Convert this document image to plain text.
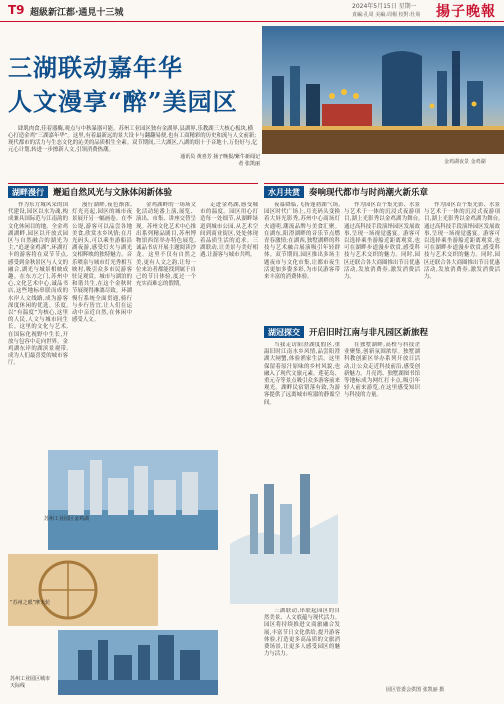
T9 超級新江都·通見十三城
2024年5月15日 星期一
責編:孔周 美編:周楊 校對:杜飛 揚子晚報
三湖联动嘉年华
人文漫享“醉”美园区
肆肌肉食,佳着器酶,观点与中秋暴器可能。苏州工业园区独有金湖界,县湖界,乐教湖三大核心板块,横心打造金鸡“三湖嘉年华”。这里,有着最新远的景大设卡与翻翻易便,也有工商精彩的历史和流与人文前新;现代都市的活力与生态文化的沁美的品质相生全素。双节期间,三大湖区,八湖的组十于音地十,万份好与,亿元心计划,转进一步擦新人文,引领消费热潮。
通讯员 黄喜芳 扬子晚报/紫牛新闻记者 张凯丽	金鸡湖夜景 金鸡湖
湖畔漫行	邂逅自然风光与文脉体闲新体验

作为东方城风采的国代建设,园区以水为魂,构成兼具国际范与江南韵的文化休闲目的地。全金鸡湖湖畔,园区以开放式园区与自然融合的湖光为主,“追逐金鸡湖”,环湖打卡的游客将在双节节点,感受到金秋景区与人文的融合,湖光与城景相映成趣。在东方之门,苏州中心,文化艺术中心,诚品书店,这些地标串联而成的水岸人文线路,成为游客深度休闲的优选。乐度,以“有温度”为核心,这里的人民,人文与城市同生长。这里的文化与艺术,在国际化视野中生长,开放与包容中走向世界。金鸡湖东岸的湖滨景观带,成为人们最喜爱的城市客厅。

漫行湖畔,夜色渐浓,灯光亮起,园区的城市夜景展开另一幅画卷。在李公堤,游客可以品尝各地美食,欣赏水乡风情;在月光码头,可以乘坐游船沿湖夜游,感受灯火与湖光交相辉映的独特魅力。音乐喷泉与城市灯光秀相互映衬,吸引众多市民游客驻足观赏。城市与湖泊的和谐共生,在这个金秋时节展现得淋漓尽致。环湖慢行系统全面贯通,骑行与步行皆宜,让人们在运动中亲近自然,在休闲中感受人文。

金鸡湖畔的一场场文化活动轮番上演,展览、演出、市集、讲座交替呈现。苏州文化艺术中心推出系列精品剧目,苏州博物馆西馆举办特色展览,诚品书店开展主题阅读沙龙。这里不仅有自然之美,更有人文之韵,让每一位来访者都能找到属于自己的节日体验,度过一个充实而难忘的假期。

走进金鸡湖,感受城市的温度。园区用心打造每一处细节,从湖畔绿道到城市公园,从艺术空间到商业街区,处处体现着品质生活的追求。三湖联动,让美景与美好相遇,让游客与城市共鸣。

水月共赏	奏响现代都市与时尚潮火新乐章

夜幕降临,飞扬蓬勃湖气场,园区时代广场上,月光码头变换着大屏光影秀,苏州中心商场灯火通明,潮流品牌与美食汇聚。在湖东,阳澄湖畔的音乐节点燃青春激情;在湖西,独墅湖畔的科技与艺术融合展演吸引年轻群体。双节期间,园区推出多场主题夜市与文化市集,让都市夜生活更加多姿多彩,为市民游客带来丰富的消费体验。

作为园区首个集光影、水景与艺术于一体的沉浸式夜游项目,湖上光影秀以金鸡湖为舞台,通过高科技手段演绎园区发展故事,呈现一场视觉盛宴。游客可以选择乘坐游船近距离观赏,也可在湖畔步道漫步欣赏,感受科技与艺术交织的魅力。同时,园区还联合各大商圈推出节日优惠活动,发放消费券,激发消费活力。

作为园区首个集光影、水景与艺术于一体的沉浸式夜游项目,湖上光影秀以金鸡湖为舞台,通过高科技手段演绎园区发展故事,呈现一场视觉盛宴。游客可以选择乘坐游船近距离观赏,也可在湖畔步道漫步欣赏,感受科技与艺术交织的魅力。同时,园区还联合各大商圈推出节日优惠活动,发放消费券,激发消费活力。

湖冠探交	开启旧时江南与非凡园区新旅程

当我走访阳澄湖度假区,重温旧时江南水乡风情,品尝阳澄湖大闸蟹,体验渔家生活。这里保留着原汁原味的乡村风貌,也融入了现代文旅元素。莲花岛、重元寺等景点吸引众多游客前来观光。湖畔民宿错落有致,为游客提供了远离城市喧嚣的静谧空间。

在独墅湖畔,高校与科技企业聚集,创新氛围浓厚。独墅湖科教创新区举办系列开放日活动,让公众走近科技前沿,感受创新魅力。月亮湾、独墅湖图书馆等地标成为网红打卡点,吸引年轻人前来游览,在这里感受知识与科技的力量。

三湖联动,串联起园区的自然美景、人文底蕴与现代活力。园区将持续推进文商旅融合发展,丰富节日文化供给,提升游客体验,打造更多高品质的文旅消费场景,让更多人感受园区的魅力与活力。

苏州工业园区金鸡湖
“苏州之眼”摩天轮
苏州工业园区城市天际线
园区管委会供图 张凯丽 摄
